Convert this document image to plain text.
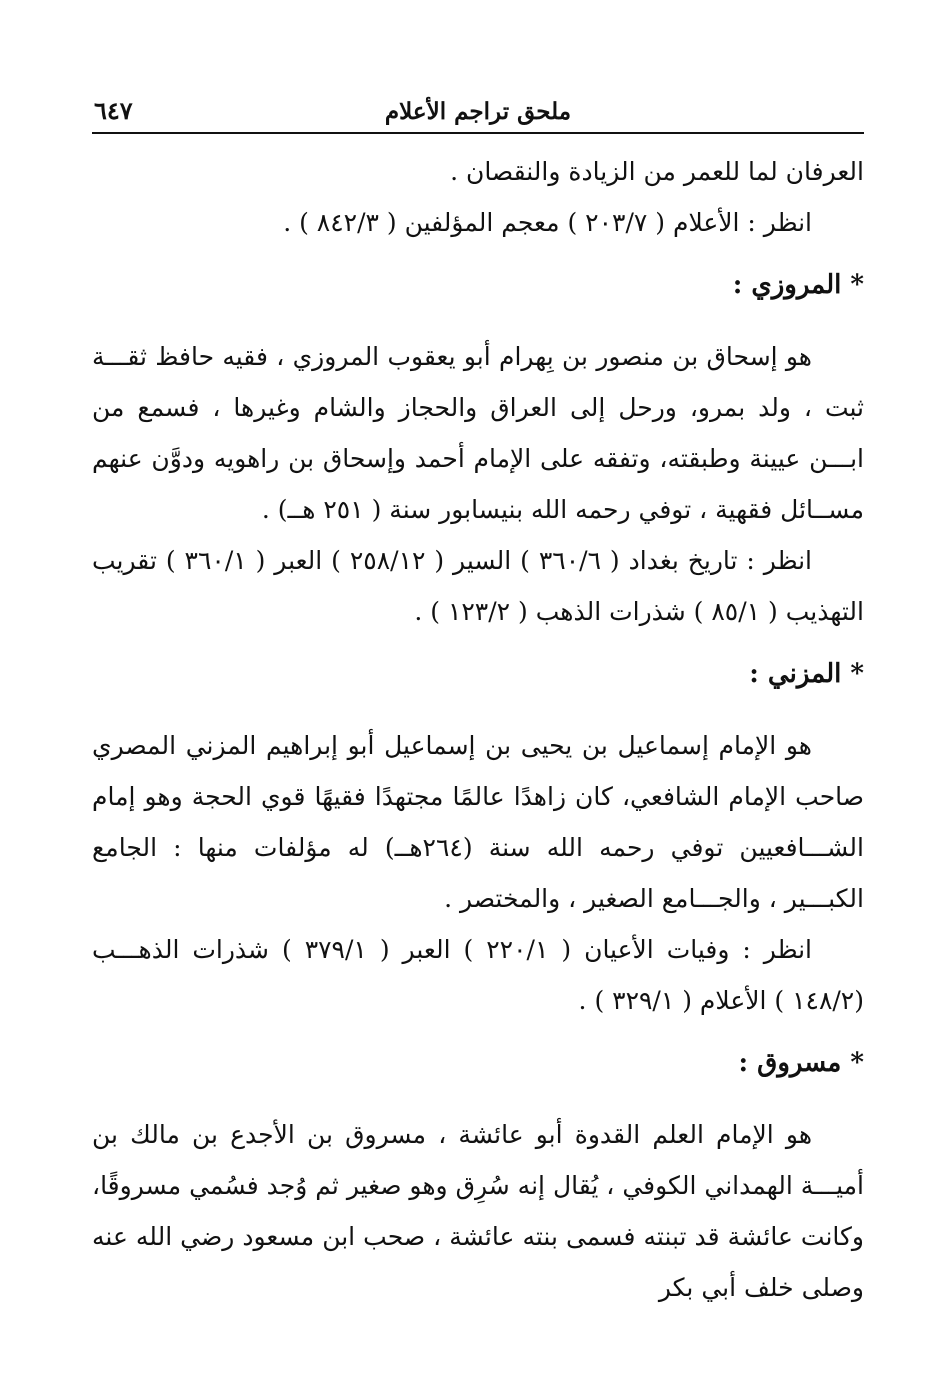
ملحق تراجم الأعلام
٦٤٧

العرفان لما للعمر من الزيادة والنقصان .

انظر : الأعلام ( ٢٠٣/٧ ) معجم المؤلفين ( ٨٤٢/٣ ) .

* المروزي :

هو إسحاق بن منصور بن بِهرام أبو يعقوب المروزي ، فقيه حافظ ثقـــة ثبت ، ولد بمرو، ورحل إلى العراق والحجاز والشام وغيرها ، فسمع من ابـــن عيينة وطبقته، وتفقه على الإمام أحمد وإسحاق بن راهويه ودوَّن عنهم مســائل فقهية ، توفي رحمه الله بنيسابور سنة ( ٢٥١ هــ) .

انظر : تاريخ بغداد ( ٣٦٠/٦ ) السير ( ٢٥٨/١٢ ) العبر ( ٣٦٠/١ ) تقريب التهذيب ( ٨٥/١ ) شذرات الذهب ( ١٢٣/٢ ) .

* المزني :

هو الإمام إسماعيل بن يحيى بن إسماعيل أبو إبراهيم المزني المصري صاحب الإمام الشافعي، كان زاهدًا عالمًا مجتهدًا فقيهًا قوي الحجة وهو إمام الشـــافعيين توفي رحمه الله سنة (٢٦٤هــ) له مؤلفات منها : الجامع الكبـــير ، والجـــامع الصغير ، والمختصر .

انظر : وفيات الأعيان ( ٢٢٠/١ ) العبر ( ٣٧٩/١ ) شذرات الذهـــب (١٤٨/٢ ) الأعلام ( ٣٢٩/١ ) .

* مسروق :

هو الإمام العلم القدوة أبو عائشة ، مسروق بن الأجدع بن مالك بن أميـــة الهمداني الكوفي ، يُقال إنه سُرِق وهو صغير ثم وُجد فسُمي مسروقًا، وكانت عائشة قد تبنته فسمى بنته عائشة ، صحب ابن مسعود رضي الله عنه وصلى خلف أبي بكر
